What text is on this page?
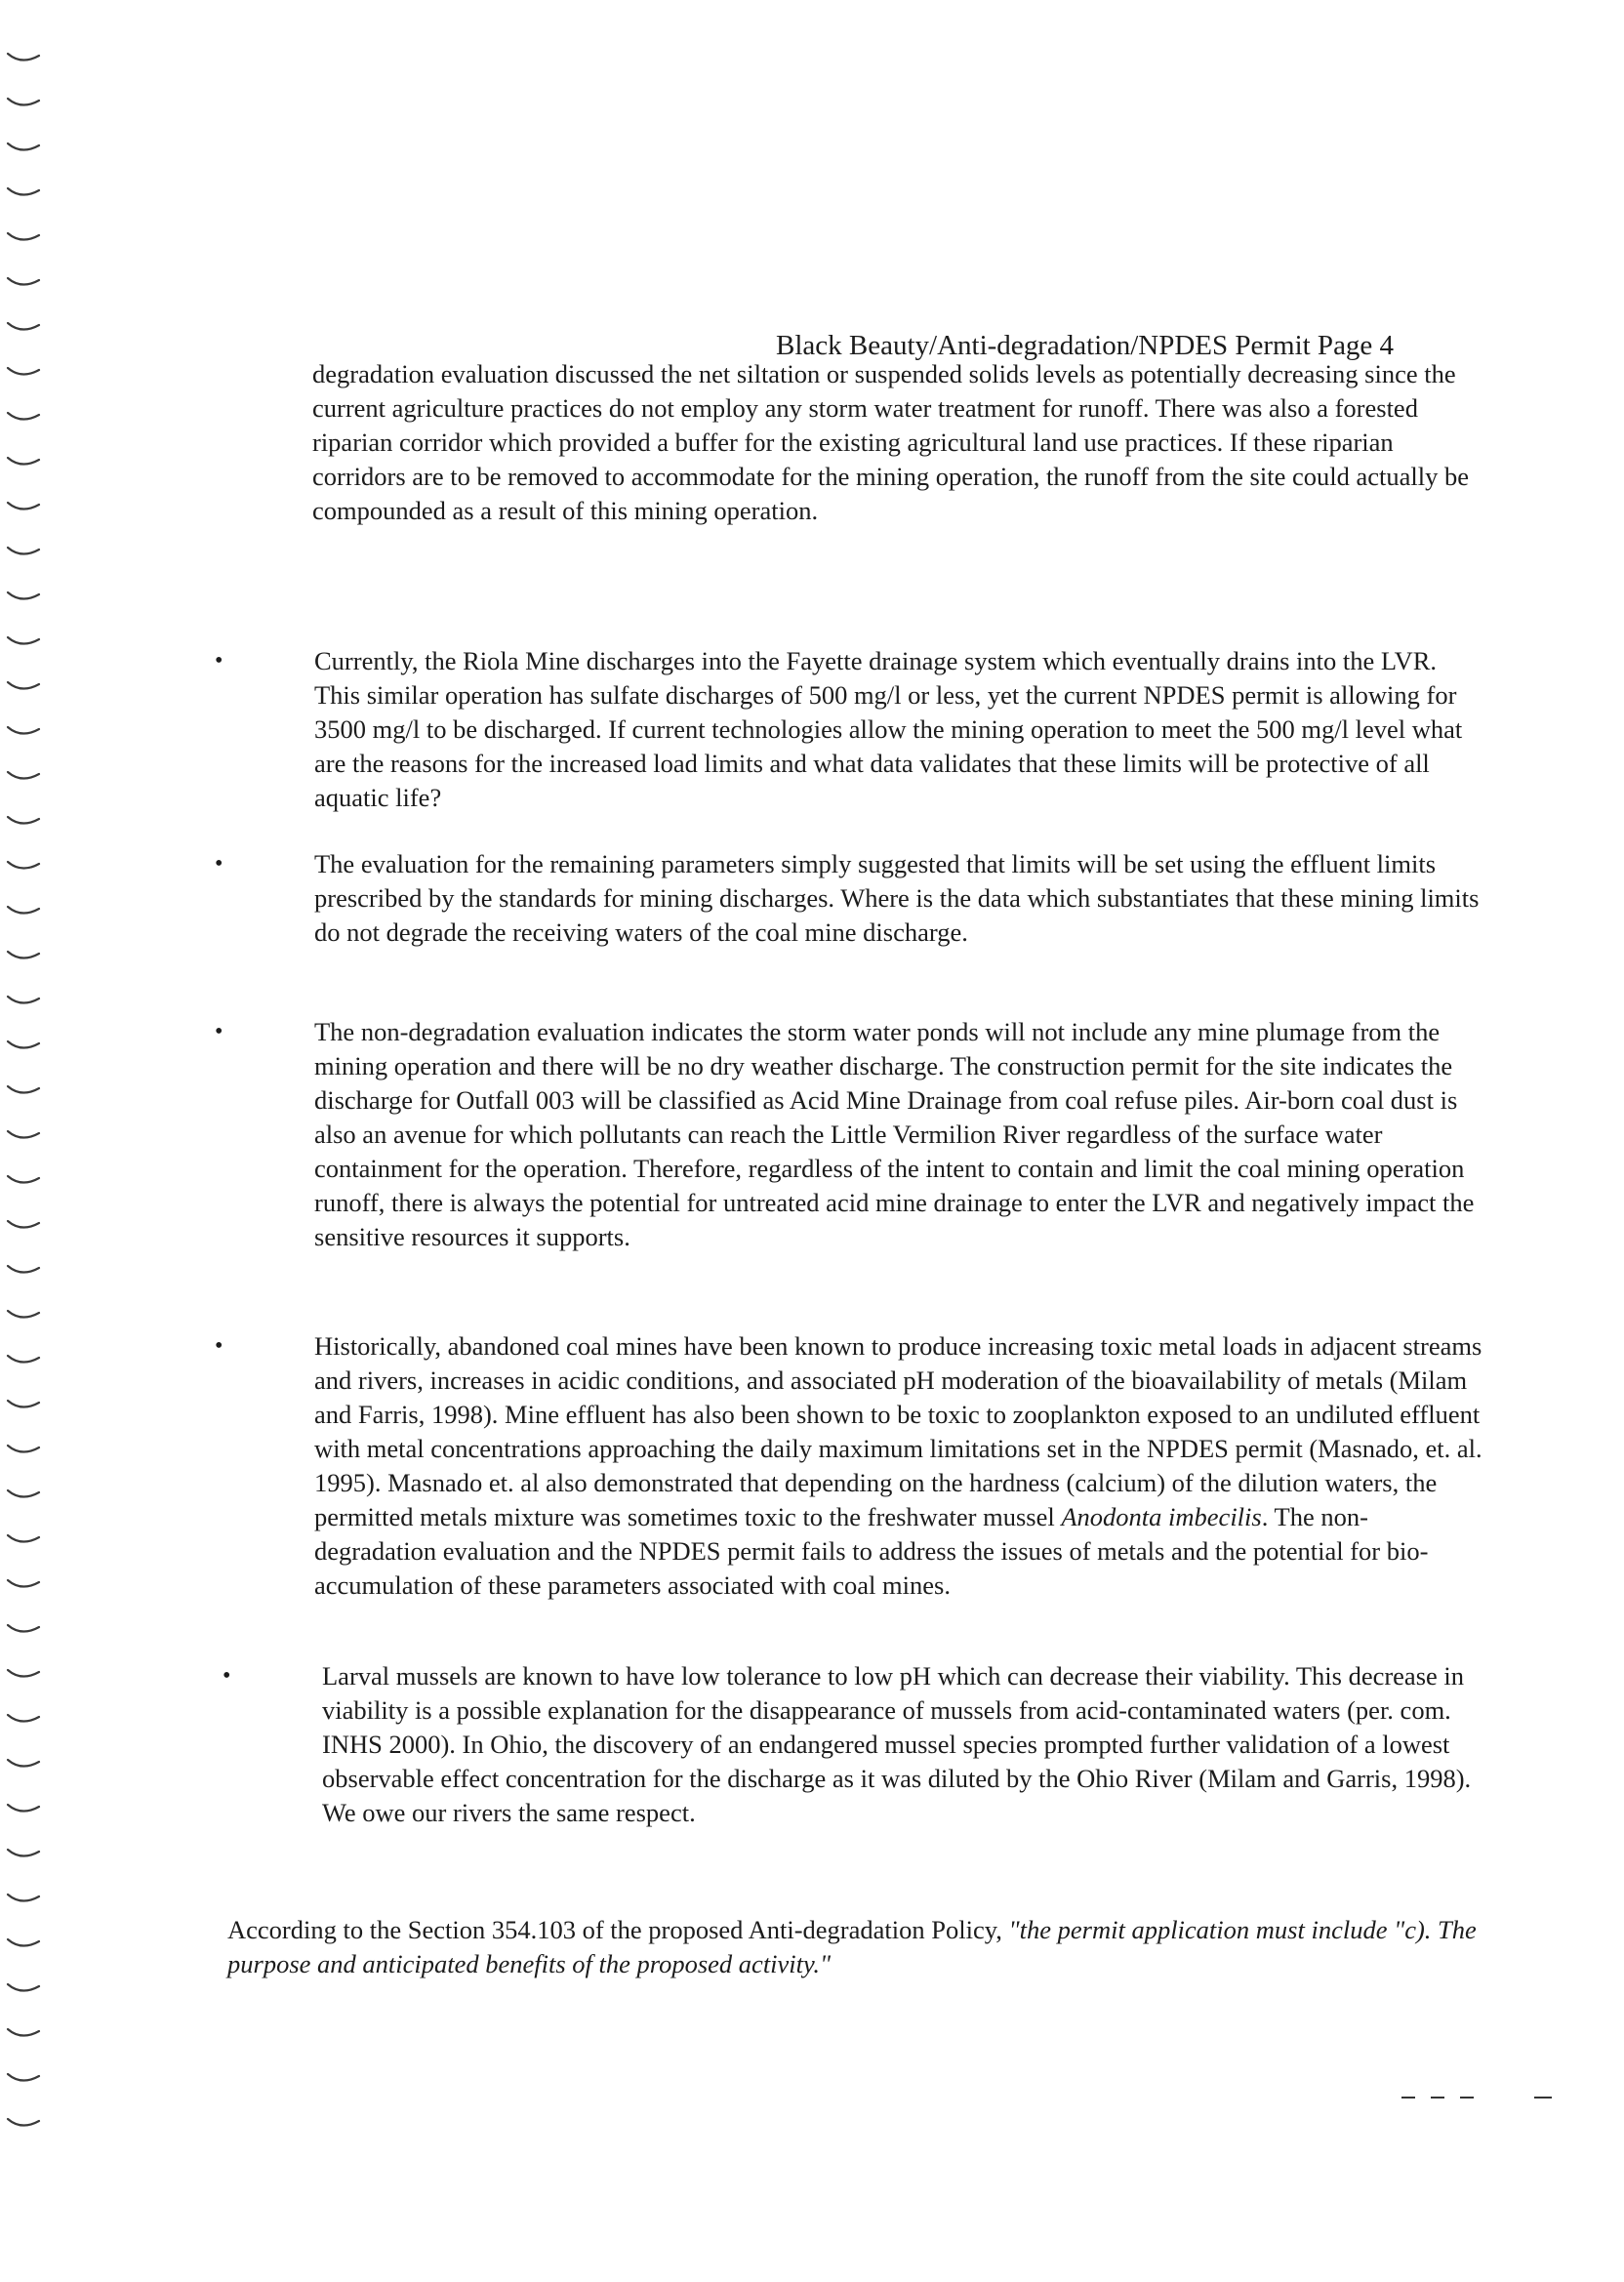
Black Beauty/Anti-degradation/NPDES Permit Page 4

degradation evaluation discussed the net siltation or suspended solids levels as potentially decreasing since the current agriculture practices do not employ any storm water treatment for runoff. There was also a forested riparian corridor which provided a buffer for the existing agricultural land use practices. If these riparian corridors are to be removed to accommodate for the mining operation, the runoff from the site could actually be compounded as a result of this mining operation.

•	Currently, the Riola Mine discharges into the Fayette drainage system which eventually drains into the LVR. This similar operation has sulfate discharges of 500 mg/l or less, yet the current NPDES permit is allowing for 3500 mg/l to be discharged. If current technologies allow the mining operation to meet the 500 mg/l level what are the reasons for the increased load limits and what data validates that these limits will be protective of all aquatic life?

•	The evaluation for the remaining parameters simply suggested that limits will be set using the effluent limits prescribed by the standards for mining discharges. Where is the data which substantiates that these mining limits do not degrade the receiving waters of the coal mine discharge.

•	The non-degradation evaluation indicates the storm water ponds will not include any mine plumage from the mining operation and there will be no dry weather discharge. The construction permit for the site indicates the discharge for Outfall 003 will be classified as Acid Mine Drainage from coal refuse piles. Air-born coal dust is also an avenue for which pollutants can reach the Little Vermilion River regardless of the surface water containment for the operation. Therefore, regardless of the intent to contain and limit the coal mining operation runoff, there is always the potential for untreated acid mine drainage to enter the LVR and negatively impact the sensitive resources it supports.

•	Historically, abandoned coal mines have been known to produce increasing toxic metal loads in adjacent streams and rivers, increases in acidic conditions, and associated pH moderation of the bioavailability of metals (Milam and Farris, 1998). Mine effluent has also been shown to be toxic to zooplankton exposed to an undiluted effluent with metal concentrations approaching the daily maximum limitations set in the NPDES permit (Masnado, et. al. 1995). Masnado et. al also demonstrated that depending on the hardness (calcium) of the dilution waters, the permitted metals mixture was sometimes toxic to the freshwater mussel Anodonta imbecilis. The non-degradation evaluation and the NPDES permit fails to address the issues of metals and the potential for bio-accumulation of these parameters associated with coal mines.

•	Larval mussels are known to have low tolerance to low pH which can decrease their viability. This decrease in viability is a possible explanation for the disappearance of mussels from acid-contaminated waters (per. com. INHS 2000). In Ohio, the discovery of an endangered mussel species prompted further validation of a lowest observable effect concentration for the discharge as it was diluted by the Ohio River (Milam and Garris, 1998). We owe our rivers the same respect.

According to the Section 354.103 of the proposed Anti-degradation Policy, "the permit application must include "c). The purpose and anticipated benefits of the proposed activity."
